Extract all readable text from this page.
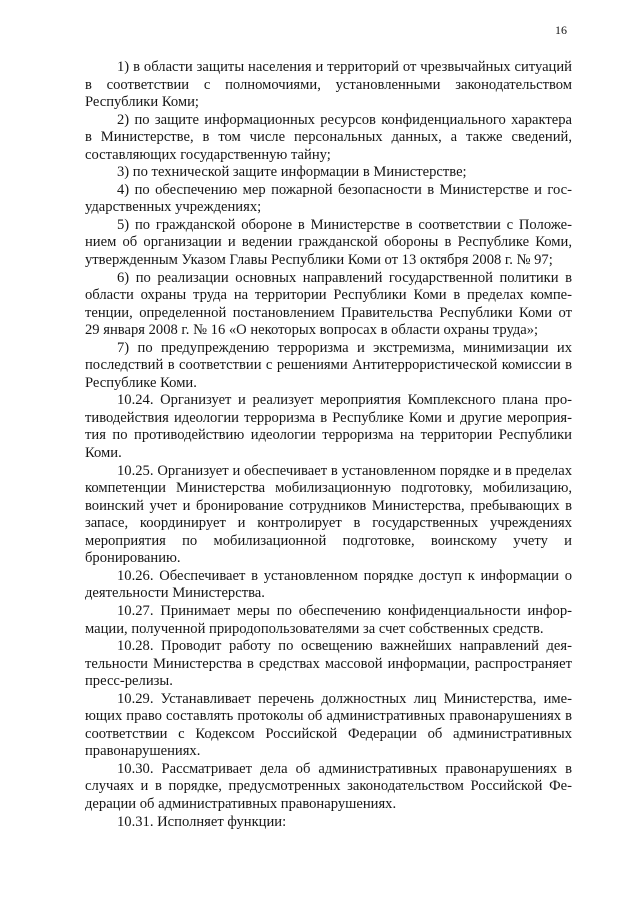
16

1) в области защиты населения и территорий от чрезвычайных ситуаций в соответствии с полномочиями, установленными законодательством Республики Коми;

2) по защите информационных ресурсов конфиденциального характера в Министерстве, в том числе персональных данных, а также сведений, составляющих государственную тайну;

3) по технической защите информации в Министерстве;

4) по обеспечению мер пожарной безопасности в Министерстве и государственных учреждениях;

5) по гражданской обороне в Министерстве в соответствии с Положением об организации и ведении гражданской обороны в Республике Коми, утвержденным Указом Главы Республики Коми от 13 октября 2008 г. № 97;

6) по реализации основных направлений государственной политики в области охраны труда на территории Республики Коми в пределах компетенции, определенной постановлением Правительства Республики Коми от 29 января 2008 г. № 16 «О некоторых вопросах в области охраны труда»;

7) по предупреждению терроризма и экстремизма, минимизации их последствий в соответствии с решениями Антитеррористической комиссии в Республике Коми.

10.24. Организует и реализует мероприятия Комплексного плана противодействия идеологии терроризма в Республике Коми и другие мероприятия по противодействию идеологии терроризма на территории Республики Коми.

10.25. Организует и обеспечивает в установленном порядке и в пределах компетенции Министерства мобилизационную подготовку, мобилизацию, воинский учет и бронирование сотрудников Министерства, пребывающих в запасе, координирует и контролирует в государственных учреждениях мероприятия по мобилизационной подготовке, воинскому учету и бронированию.

10.26. Обеспечивает в установленном порядке доступ к информации о деятельности Министерства.

10.27. Принимает меры по обеспечению конфиденциальности информации, полученной природопользователями за счет собственных средств.

10.28. Проводит работу по освещению важнейших направлений деятельности Министерства в средствах массовой информации, распространяет пресс-релизы.

10.29. Устанавливает перечень должностных лиц Министерства, имеющих право составлять протоколы об административных правонарушениях в соответствии с Кодексом Российской Федерации об административных правонарушениях.

10.30. Рассматривает дела об административных правонарушениях в случаях и в порядке, предусмотренных законодательством Российской Федерации об административных правонарушениях.

10.31. Исполняет функции:
